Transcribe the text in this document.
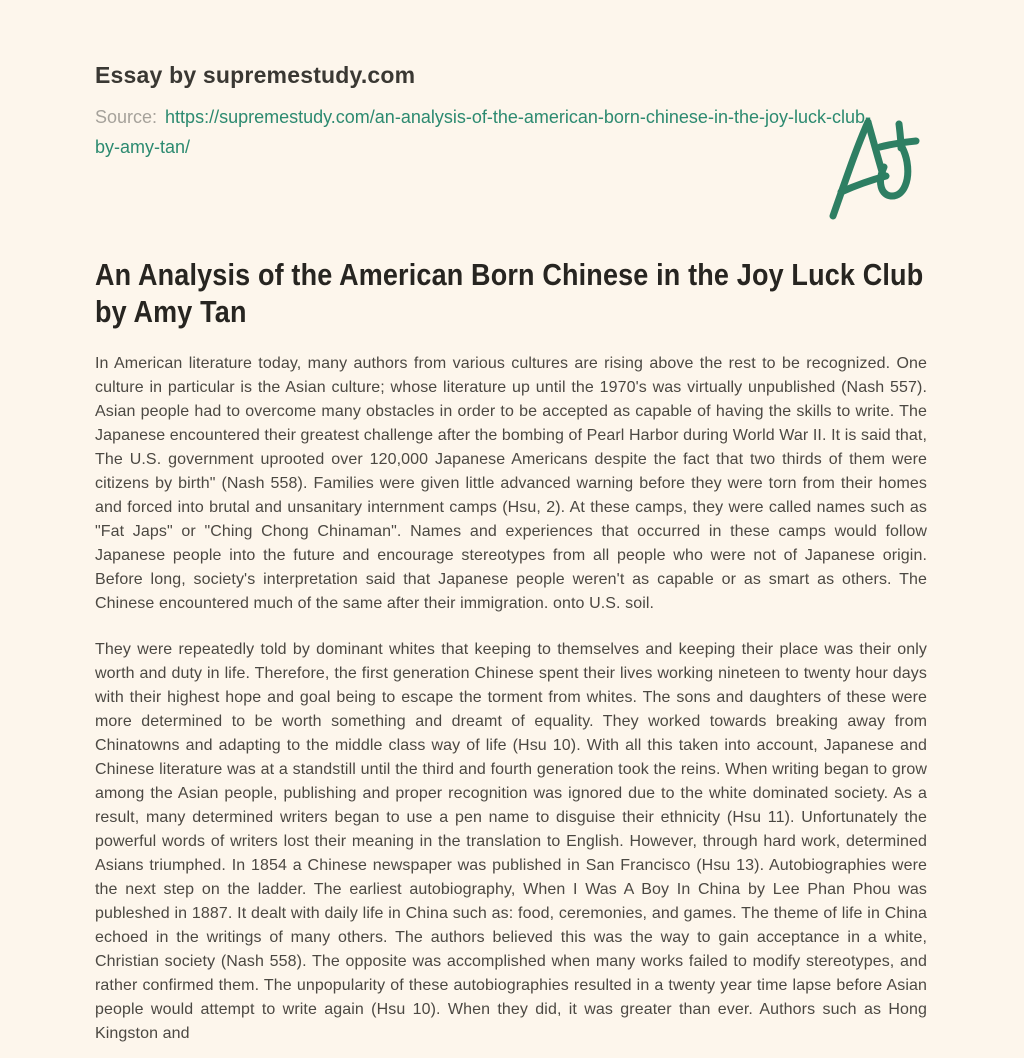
Essay by supremestudy.com

Source: https://supremestudy.com/an-analysis-of-the-american-born-chinese-in-the-joy-luck-club-by-amy-tan/

An Analysis of the American Born Chinese in the Joy Luck Club by Amy Tan

In American literature today, many authors from various cultures are rising above the rest to be recognized. One culture in particular is the Asian culture; whose literature up until the 1970's was virtually unpublished (Nash 557). Asian people had to overcome many obstacles in order to be accepted as capable of having the skills to write. The Japanese encountered their greatest challenge after the bombing of Pearl Harbor during World War II. It is said that, The U.S. government uprooted over 120,000 Japanese Americans despite the fact that two thirds of them were citizens by birth" (Nash 558). Families were given little advanced warning before they were torn from their homes and forced into brutal and unsanitary internment camps (Hsu, 2). At these camps, they were called names such as "Fat Japs" or "Ching Chong Chinaman". Names and experiences that occurred in these camps would follow Japanese people into the future and encourage stereotypes from all people who were not of Japanese origin. Before long, society's interpretation said that Japanese people weren't as capable or as smart as others. The Chinese encountered much of the same after their immigration. onto U.S. soil.

They were repeatedly told by dominant whites that keeping to themselves and keeping their place was their only worth and duty in life. Therefore, the first generation Chinese spent their lives working nineteen to twenty hour days with their highest hope and goal being to escape the torment from whites. The sons and daughters of these were more determined to be worth something and dreamt of equality. They worked towards breaking away from Chinatowns and adapting to the middle class way of life (Hsu 10). With all this taken into account, Japanese and Chinese literature was at a standstill until the third and fourth generation took the reins. When writing began to grow among the Asian people, publishing and proper recognition was ignored due to the white dominated society. As a result, many determined writers began to use a pen name to disguise their ethnicity (Hsu 11). Unfortunately the powerful words of writers lost their meaning in the translation to English. However, through hard work, determined Asians triumphed. In 1854 a Chinese newspaper was published in San Francisco (Hsu 13). Autobiographies were the next step on the ladder. The earliest autobiography, When I Was A Boy In China by Lee Phan Phou was publeshed in 1887. It dealt with daily life in China such as: food, ceremonies, and games. The theme of life in China echoed in the writings of many others. The authors believed this was the way to gain acceptance in a white, Christian society (Nash 558). The opposite was accomplished when many works failed to modify stereotypes, and rather confirmed them. The unpopularity of these autobiographies resulted in a twenty year time lapse before Asian people would attempt to write again (Hsu 10). When they did, it was greater than ever. Authors such as Hong Kingston and
